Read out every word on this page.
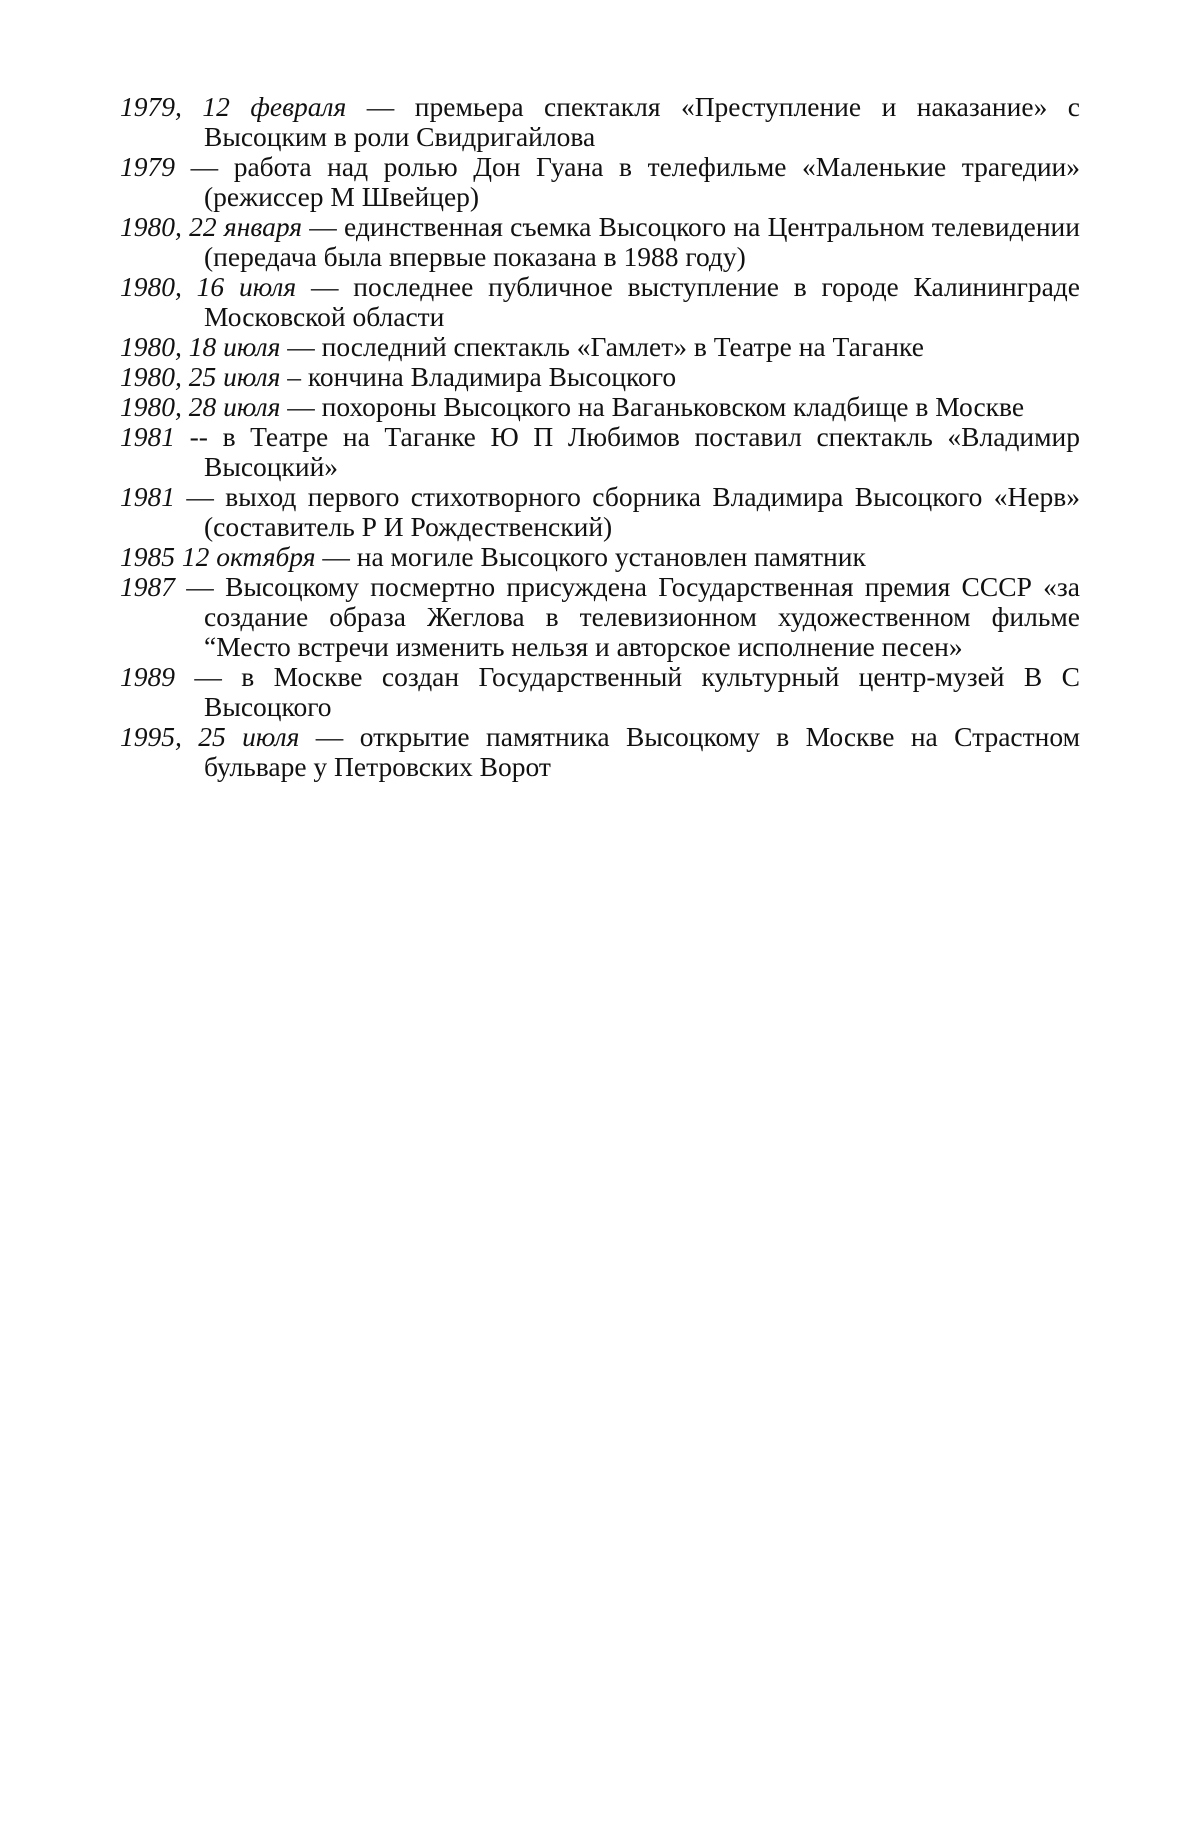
1979, 12 февраля — премьера спектакля «Преступление и наказание» с Высоцким в роли Свидригайлова
1979 — работа над ролью Дон Гуана в телефильме «Маленькие трагедии» (режиссер М Швейцер)
1980, 22 января — единственная съемка Высоцкого на Центральном телевидении (передача была впервые показана в 1988 году)
1980, 16 июля — последнее публичное выступление в городе Калининграде Московской области
1980, 18 июля — последний спектакль «Гамлет» в Театре на Таганке
1980, 25 июля – кончина Владимира Высоцкого
1980, 28 июля — похороны Высоцкого на Ваганьковском кладбище в Москве
1981 -- в Театре на Таганке Ю П Любимов поставил спектакль «Владимир Высоцкий»
1981 — выход первого стихотворного сборника Владимира Высоцкого «Нерв» (составитель Р И Рождественский)
1985 12 октября — на могиле Высоцкого установлен памятник
1987 — Высоцкому посмертно присуждена Государственная премия СССР «за создание образа Жеглова в телевизионном художественном фильме “Место встречи изменить нельзя и авторское исполнение песен»
1989 — в Москве создан Государственный культурный центр-музей В С Высоцкого
1995, 25 июля — открытие памятника Высоцкому в Москве на Страстном бульваре у Петровских Ворот
